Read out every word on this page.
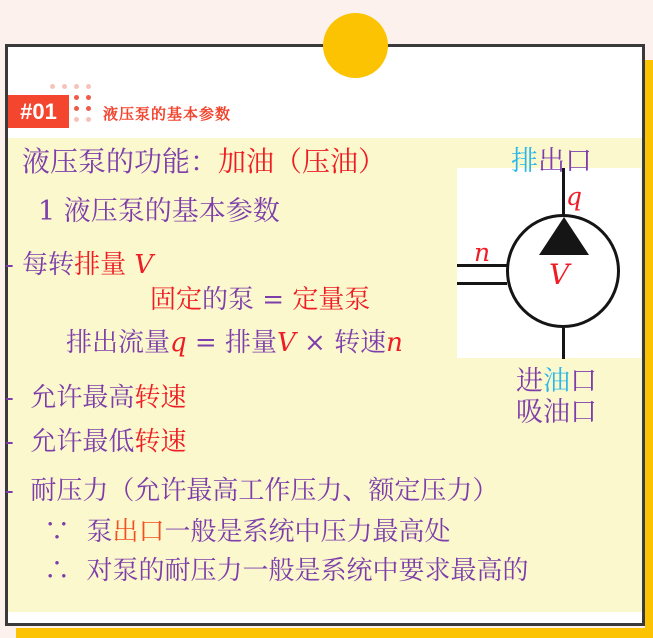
#01	液压泵的基本参数
液压泵的功能：加油（压油）
1 液压泵的基本参数
- 每转排量 V
固定的泵 = 定量泵
排出流量q = 排量V × 转速n
-  允许最高转速
-  允许最低转速
-  耐压力（允许最高工作压力、额定压力）
∵  泵出口一般是系统中压力最高处
∴  对泵的耐压力一般是系统中要求最高的
排出口
q
V
n
进油口
吸油口
